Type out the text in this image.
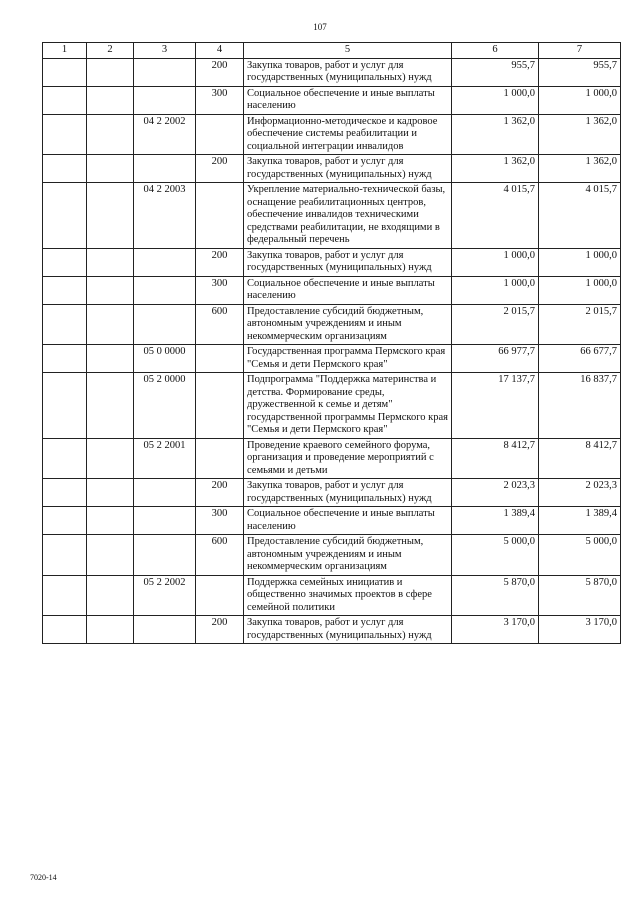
107
1	2	3	4	5	6	7
			200	Закупка товаров, работ и услуг для государственных (муниципальных) нужд	955,7	955,7
			300	Социальное обеспечение и иные выплаты населению	1 000,0	1 000,0
		04 2 2002		Информационно-методическое и кадровое обеспечение системы реабилитации и социальной интеграции инвалидов	1 362,0	1 362,0
			200	Закупка товаров, работ и услуг для государственных (муниципальных) нужд	1 362,0	1 362,0
		04 2 2003		Укрепление материально-технической базы, оснащение реабилитационных центров, обеспечение инвалидов техническими средствами реабилитации, не входящими в федеральный перечень	4 015,7	4 015,7
			200	Закупка товаров, работ и услуг для государственных (муниципальных) нужд	1 000,0	1 000,0
			300	Социальное обеспечение и иные выплаты населению	1 000,0	1 000,0
			600	Предоставление субсидий бюджетным, автономным учреждениям и иным некоммерческим организациям	2 015,7	2 015,7
		05 0 0000		Государственная программа Пермского края "Семья и дети Пермского края"	66 977,7	66 677,7
		05 2 0000		Подпрограмма "Поддержка материнства и детства. Формирование среды, дружественной к семье и детям" государственной программы Пермского края "Семья и дети Пермского края"	17 137,7	16 837,7
		05 2 2001		Проведение краевого семейного форума, организация и проведение мероприятий с семьями и детьми	8 412,7	8 412,7
			200	Закупка товаров, работ и услуг для государственных (муниципальных) нужд	2 023,3	2 023,3
			300	Социальное обеспечение и иные выплаты населению	1 389,4	1 389,4
			600	Предоставление субсидий бюджетным, автономным учреждениям и иным некоммерческим организациям	5 000,0	5 000,0
		05 2 2002		Поддержка семейных инициатив и общественно значимых проектов в сфере семейной политики	5 870,0	5 870,0
			200	Закупка товаров, работ и услуг для государственных (муниципальных) нужд	3 170,0	3 170,0
7020-14
